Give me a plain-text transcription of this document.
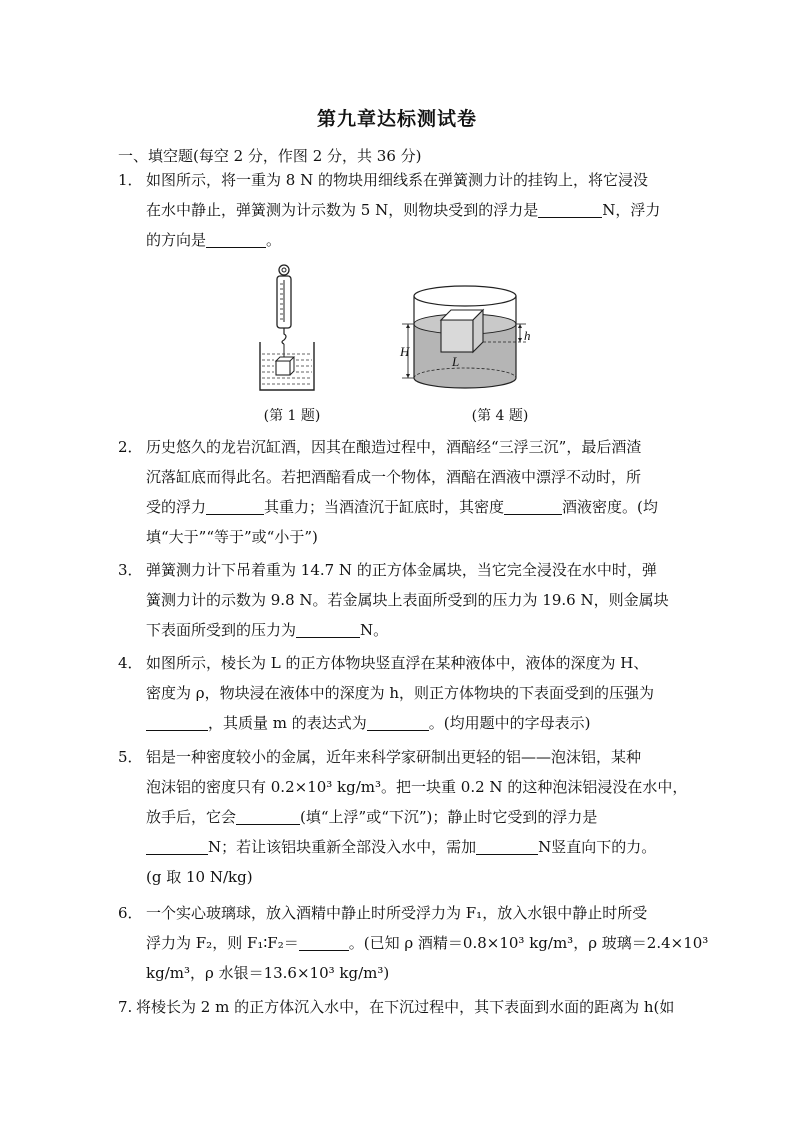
第九章达标测试卷
一、填空题(每空 2 分，作图 2 分，共 36 分)
1． 如图所示，将一重为 8 N 的物块用细线系在弹簧测力计的挂钩上，将它浸没
在水中静止，弹簧测为计示数为 5 N，则物块受到的浮力是	N，浮力
的方向是	。
(第 1 题)
h
H
L
(第 4 题)
2． 历史悠久的龙岩沉缸酒，因其在酿造过程中，酒醅经“三浮三沉”，最后酒渣
沉落缸底而得此名。若把酒醅看成一个物体，酒醅在酒液中漂浮不动时，所
受的浮力	其重力；当酒渣沉于缸底时，其密度	酒液密度。(均
填“大于”“等于”或“小于”)
3． 弹簧测力计下吊着重为 14.7 N 的正方体金属块，当它完全浸没在水中时，弹
簧测力计的示数为 9.8 N。若金属块上表面所受到的压力为 19.6 N，则金属块
下表面所受到的压力为	N。
4． 如图所示，棱长为 L 的正方体物块竖直浮在某种液体中，液体的深度为 H、
密度为 ρ，物块浸在液体中的深度为 h，则正方体物块的下表面受到的压强为
，其质量 m 的表达式为	。(均用题中的字母表示)
5． 铝是一种密度较小的金属，近年来科学家研制出更轻的铝——泡沫铝，某种
泡沫铝的密度只有 0.2×10³ kg/m³。把一块重 0.2 N 的这种泡沫铝浸没在水中，
放手后，它会	(填“上浮”或“下沉”)；静止时它受到的浮力是
N；若让该铝块重新全部没入水中，需加	N竖直向下的力。
(g 取 10 N/kg)
6． 一个实心玻璃球，放入酒精中静止时所受浮力为 F₁，放入水银中静止时所受
浮力为 F₂，则 F₁∶F₂＝	。(已知 ρ 酒精＝0.8×10³ kg/m³，ρ 玻璃＝2.4×10³
kg/m³，ρ 水银＝13.6×10³ kg/m³)
7. 将棱长为 2 m 的正方体沉入水中，在下沉过程中，其下表面到水面的距离为 h(如
